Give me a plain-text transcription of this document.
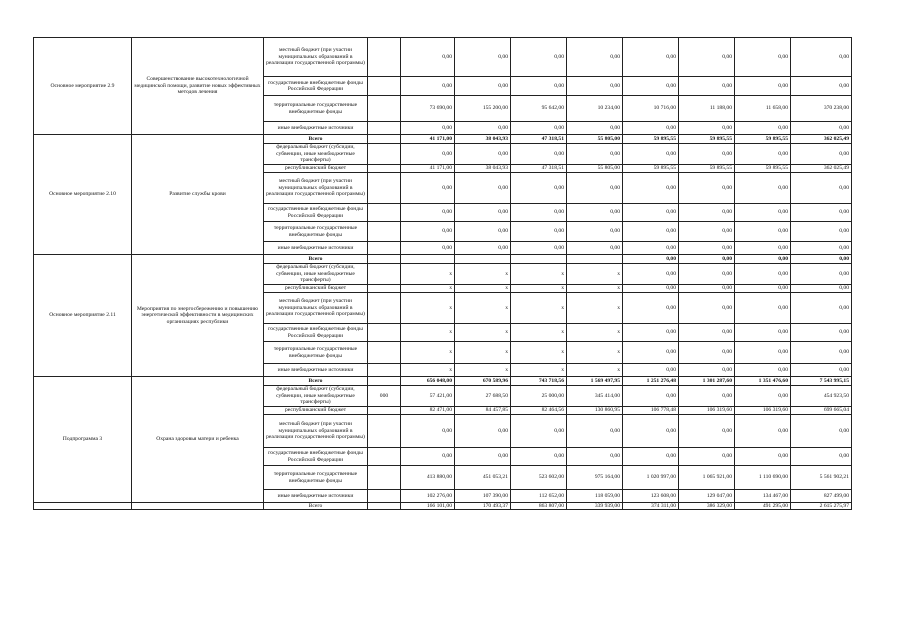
Основное мероприятие 2.9	Совершенствование высокотехнологичной медицинской помощи, развитие новых эффективных методов лечения	местный бюджет (при участии муниципальных образований в реализации государственной программы)		0,00	0,00	0,00	0,00	0,00	0,00	0,00	0,00
		государственные внебюджетные фонды Российской Федерации		0,00	0,00	0,00	0,00	0,00	0,00	0,00	0,00
		территориальные государственные внебюджетные фонды		73 690,00	155 200,00	95 642,00	10 234,00	10 716,00	11 188,00	11 658,00	370 238,00
		иные внебюджетные источники		0,00	0,00	0,00	0,00	0,00	0,00	0,00	0,00
Основное мероприятие 2.10	Развитие службы крови	Всего		41 171,00	38 043,93	47 318,51	55 805,00	59 895,55	59 895,55	59 895,55	362 025,49
		федеральный бюджет (субсидии, субвенции, иные межбюджетные трансферты)		0,00	0,00	0,00	0,00	0,00	0,00	0,00	0,00
		республиканский бюджет		41 171,00	38 043,93	47 318,51	55 805,00	59 895,55	59 895,55	59 895,55	362 025,49
		местный бюджет (при участии муниципальных образований в реализации государственной программы)		0,00	0,00	0,00	0,00	0,00	0,00	0,00	0,00
		государственные внебюджетные фонды Российской Федерации		0,00	0,00	0,00	0,00	0,00	0,00	0,00	0,00
		территориальные государственные внебюджетные фонды		0,00	0,00	0,00	0,00	0,00	0,00	0,00	0,00
		иные внебюджетные источники		0,00	0,00	0,00	0,00	0,00	0,00	0,00	0,00
Основное мероприятие 2.11	Мероприятия по энергосбережению и повышению энергетической эффективности в медицинских организациях республики	Всего						0,00	0,00	0,00	0,00
		федеральный бюджет (субсидии, субвенции, иные межбюджетные трансферты)		x	x	x	x	0,00	0,00	0,00	0,00
		республиканский бюджет		x	x	x	x	0,00	0,00	0,00	0,00
		местный бюджет (при участии муниципальных образований в реализации государственной программы)		x	x	x	x	0,00	0,00	0,00	0,00
		государственные внебюджетные фонды Российской Федерации		x	x	x	x	0,00	0,00	0,00	0,00
		территориальные государственные внебюджетные фонды		x	x	x	x	0,00	0,00	0,00	0,00
		иные внебюджетные источники		x	x	x	x	0,00	0,00	0,00	0,00
Подпрограмма 3	Охрана здоровья матери и ребенка	Всего		656 048,00	670 589,96	743 718,56	1 569 497,95	1 251 276,48	1 301 287,60	1 351 476,60	7 543 995,15
		федеральный бюджет (субсидии, субвенции, иные межбюджетные трансферты)	000	57 421,00	27 688,50	25 000,00	345 414,00	0,00	0,00	0,00	454 923,50
		республиканский бюджет		82 471,00	84 457,85	82 464,56	130 860,95	106 778,48	106 319,60	106 319,60	699 665,04
		местный бюджет (при участии муниципальных образований в реализации государственной программы)		0,00	0,00	0,00	0,00	0,00	0,00	0,00	0,00
		государственные внебюджетные фонды Российской Федерации		0,00	0,00	0,00	0,00	0,00	0,00	0,00	0,00
		территориальные государственные внебюджетные фонды		413 880,00	451 053,21	523 602,00	975 164,00	1 020 997,00	1 065 921,00	1 110 690,00	5 561 902,21
		иные внебюджетные источники		102 276,00	107 390,00	112 652,00	118 059,00	123 608,00	129 047,00	134 467,00	827 499,00
		Всего		166 101,00	170 493,37	863 807,00	339 939,00	374 311,00	386 329,00	491 295,00	2 615 275,97
